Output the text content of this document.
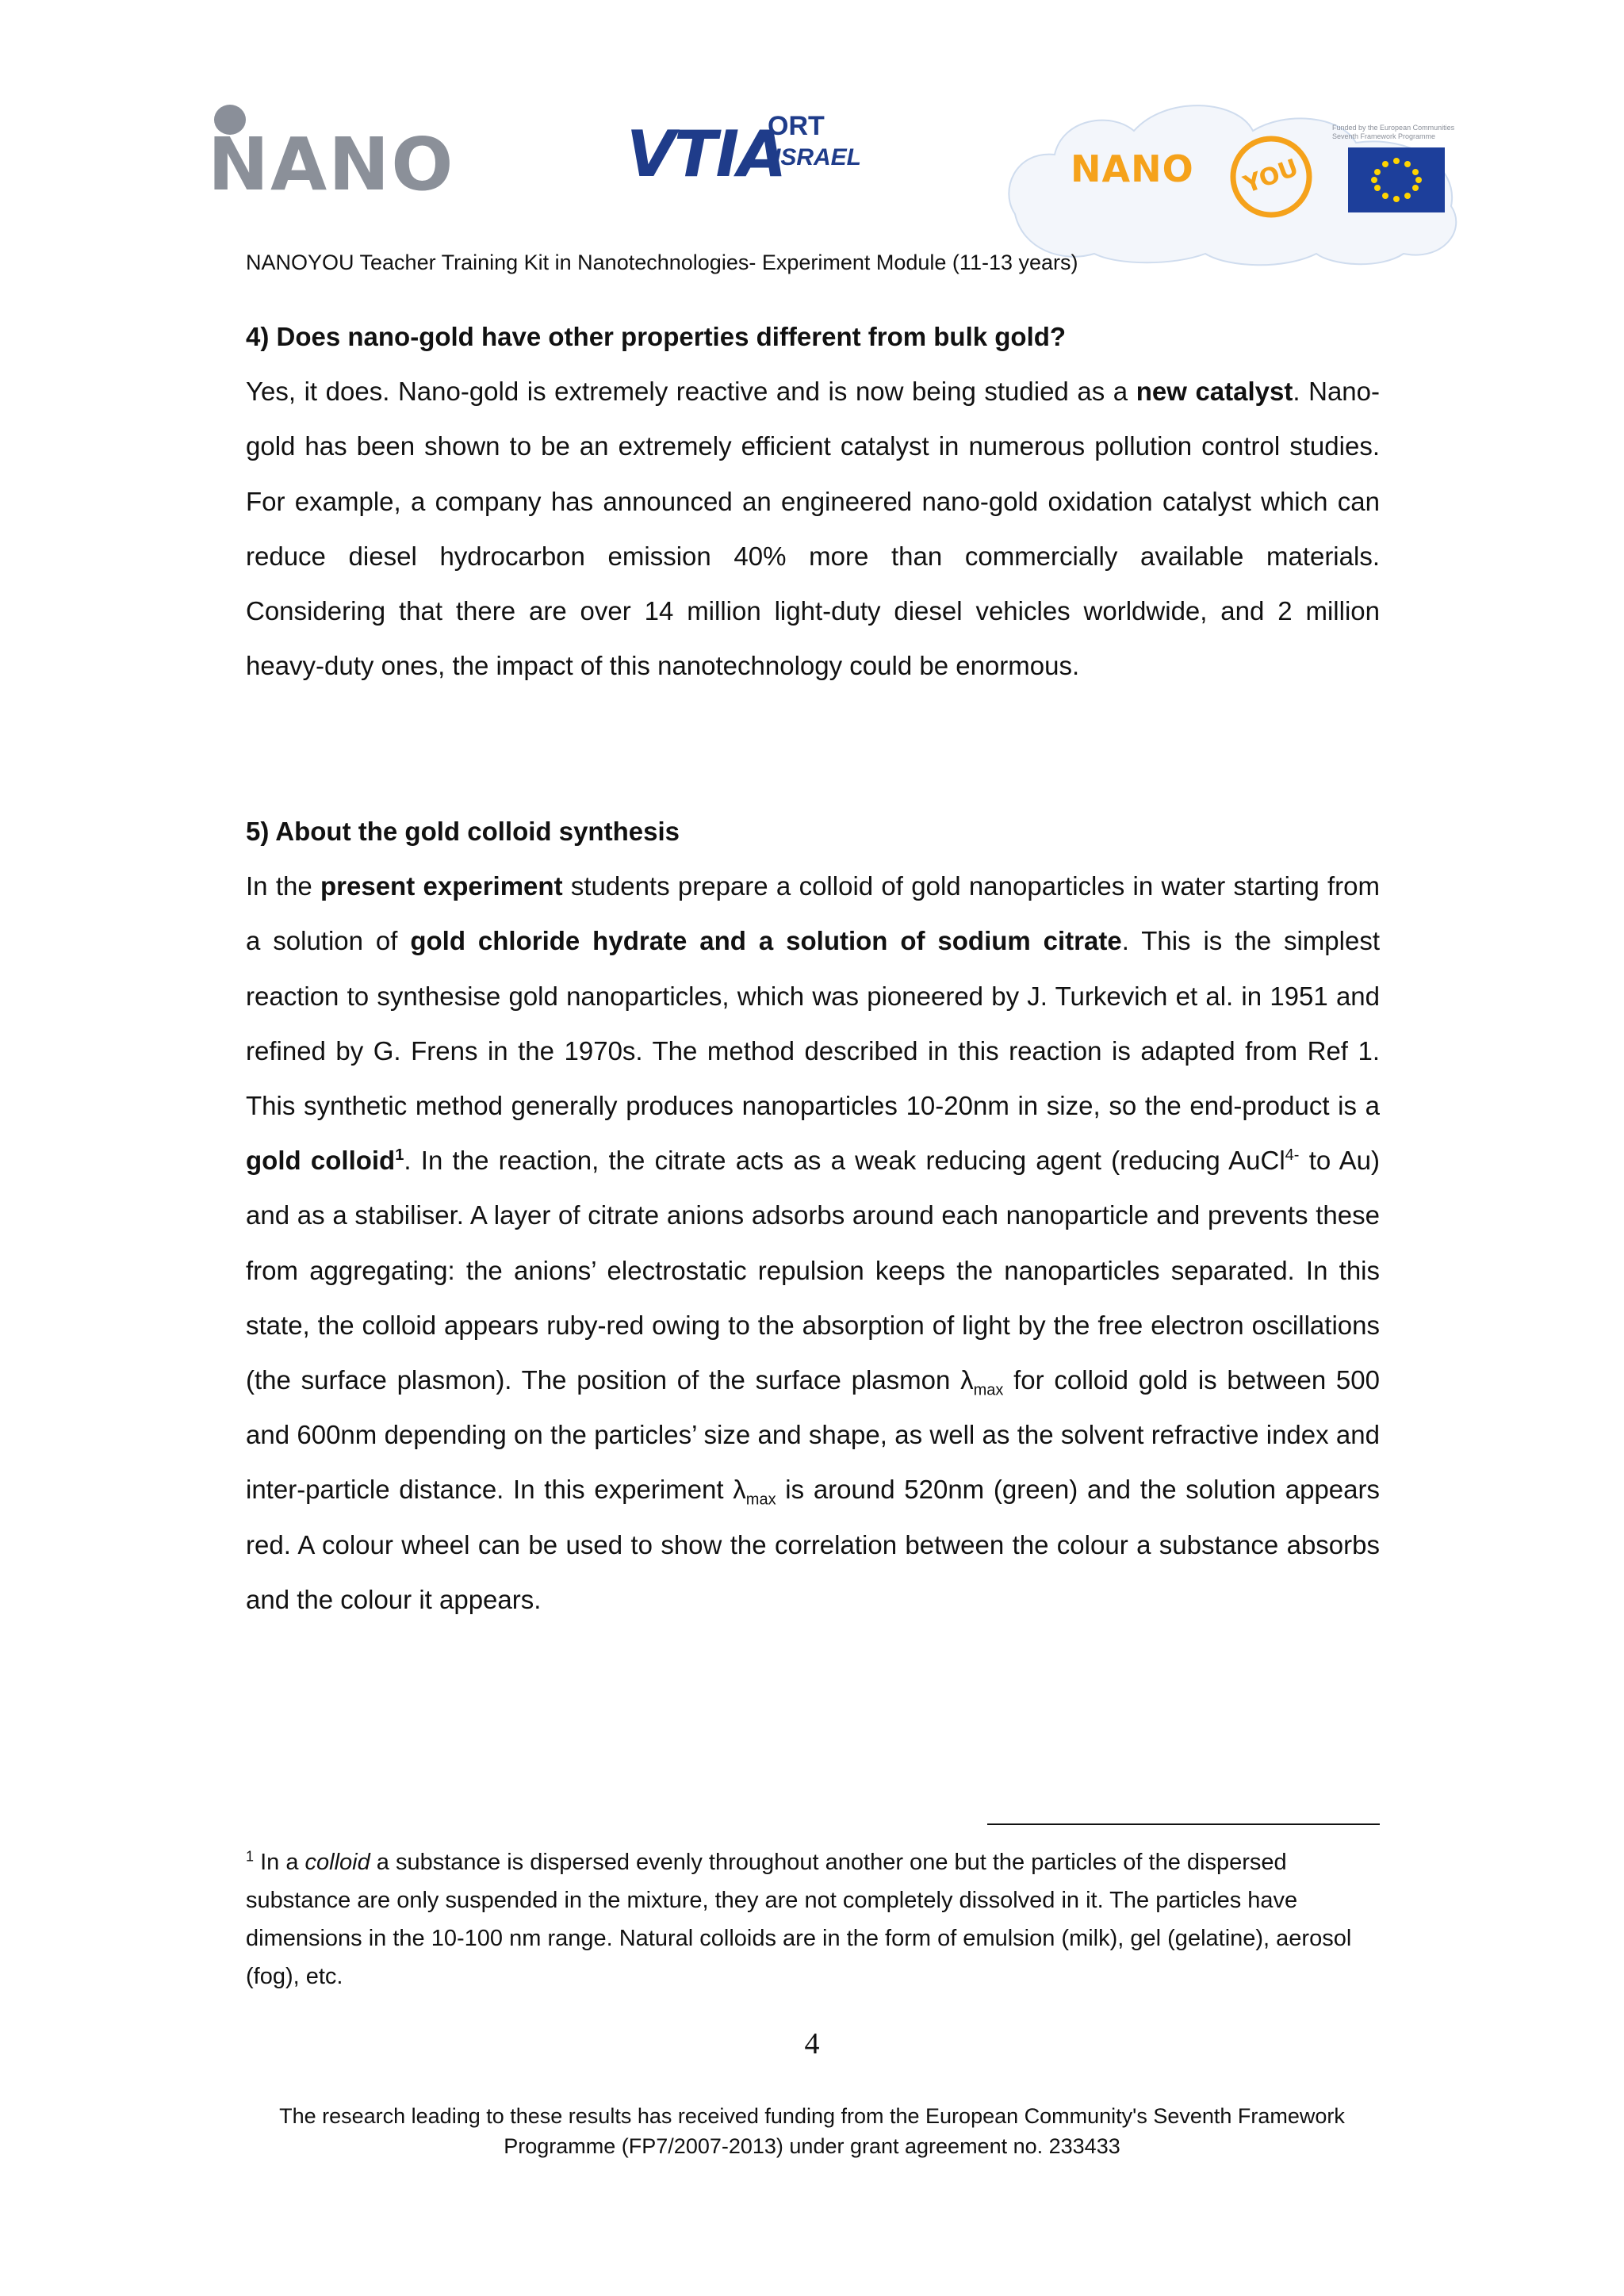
NANO	VTIA
ORT
ISRAEL	NANO YOU
Funded by the European Communities Seventh Framework Programme
NANOYOU Teacher Training Kit in Nanotechnologies- Experiment Module (11-13 years)
4) Does nano-gold have other properties different from bulk gold?

Yes, it does. Nano-gold is extremely reactive and is now being studied as a new catalyst. Nano-gold has been shown to be an extremely efficient catalyst in numerous pollution control studies. For example, a company has announced an engineered nano-gold oxidation catalyst which can reduce diesel hydrocarbon emission 40% more than commercially available materials. Considering that there are over 14 million light-duty diesel vehicles worldwide, and 2 million heavy-duty ones, the impact of this nanotechnology could be enormous.

5) About the gold colloid synthesis

In the present experiment students prepare a colloid of gold nanoparticles in water starting from a solution of gold chloride hydrate and a solution of sodium citrate. This is the simplest reaction to synthesise gold nanoparticles, which was pioneered by J. Turkevich et al. in 1951 and refined by G. Frens in the 1970s. The method described in this reaction is adapted from Ref 1. This synthetic method generally produces nanoparticles 10-20nm in size, so the end-product is a gold colloid$^1$. In the reaction, the citrate acts as a weak reducing agent (reducing AuCl$^{4-}$ to Au) and as a stabiliser. A layer of citrate anions adsorbs around each nanoparticle and prevents these from aggregating: the anions’ electrostatic repulsion keeps the nanoparticles separated. In this state, the colloid appears ruby-red owing to the absorption of light by the free electron oscillations (the surface plasmon). The position of the surface plasmon $\lambda_{max}$ for colloid gold is between 500 and 600nm depending on the particles’ size and shape, as well as the solvent refractive index and inter-particle distance. In this experiment $\lambda_{max}$ is around 520nm (green) and the solution appears red. A colour wheel can be used to show the correlation between the colour a substance absorbs and the colour it appears.

$^1$ In a colloid a substance is dispersed evenly throughout another one but the particles of the dispersed substance are only suspended in the mixture, they are not completely dissolved in it. The particles have dimensions in the 10-100 nm range. Natural colloids are in the form of emulsion (milk), gel (gelatine), aerosol (fog), etc.
4
The research leading to these results has received funding from the European Community's Seventh Framework
Programme (FP7/2007-2013) under grant agreement no. 233433
